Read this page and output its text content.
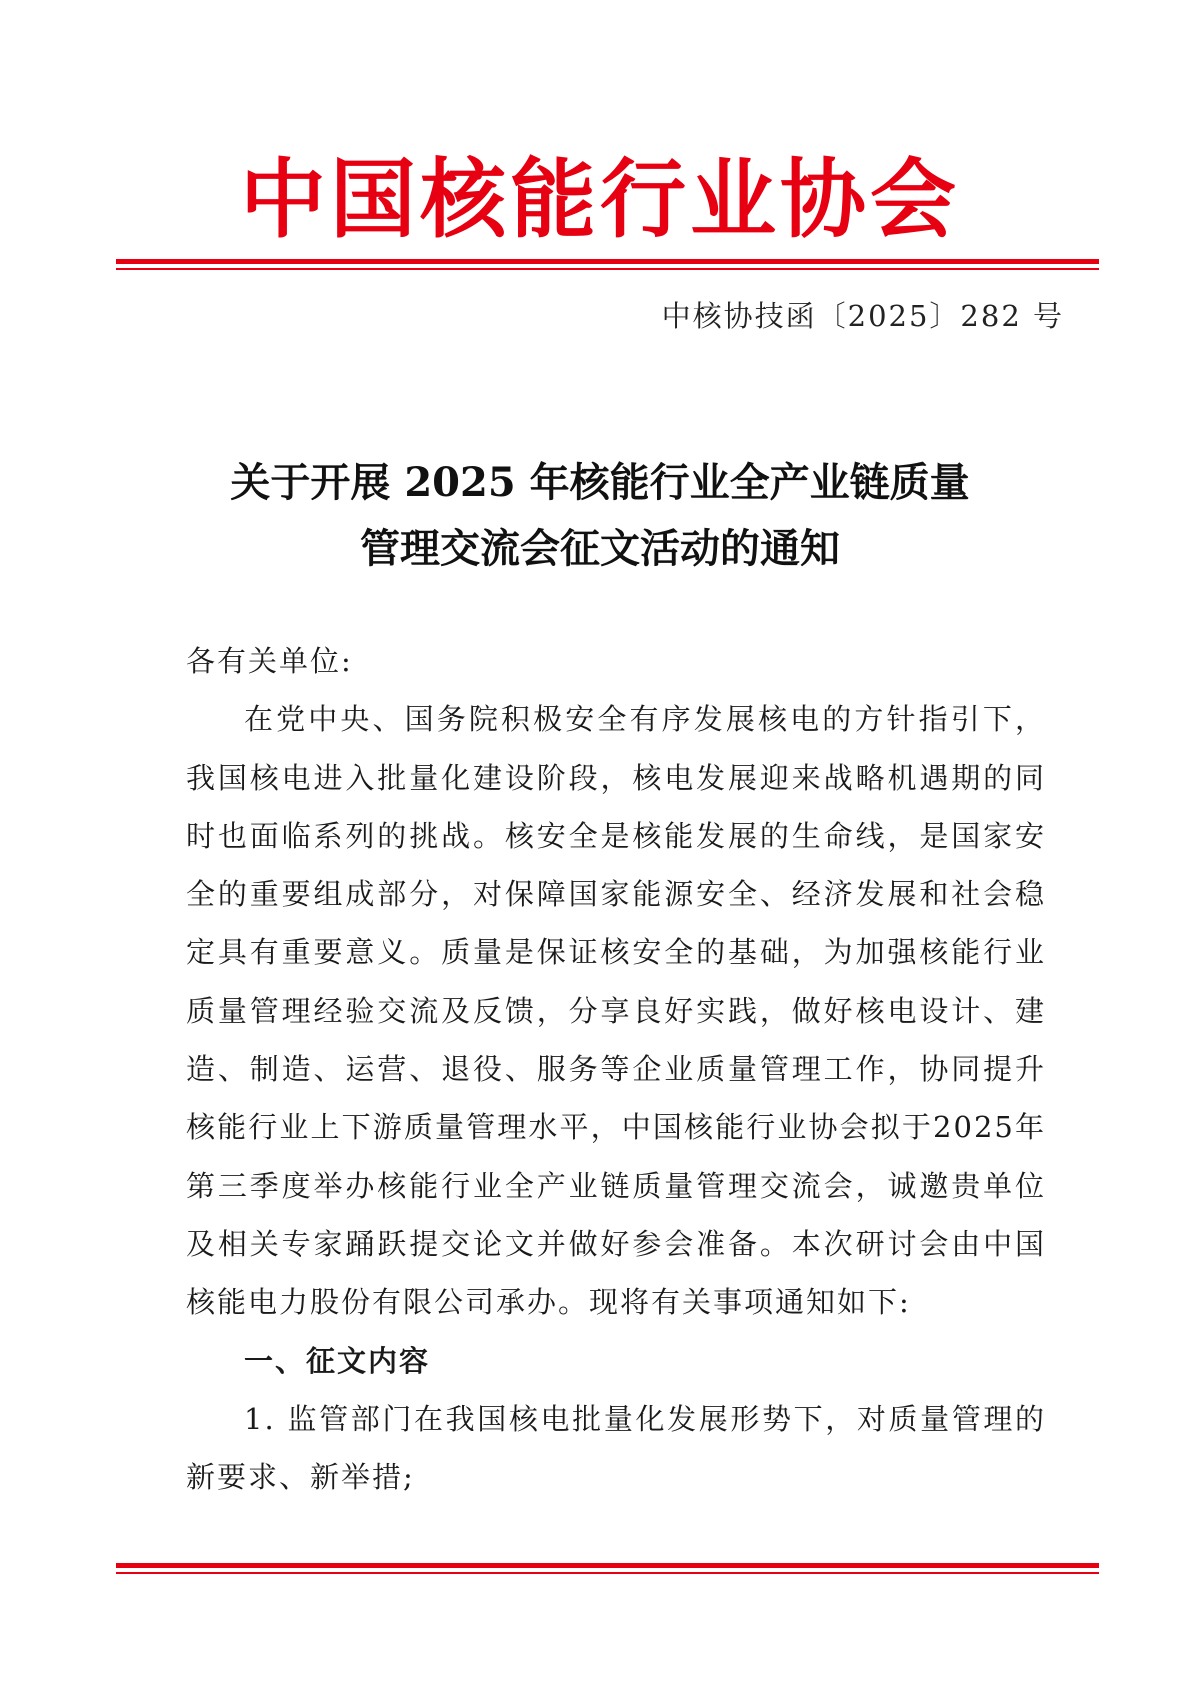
中国核能行业协会
中核协技函〔2025〕282 号
关于开展 2025 年核能行业全产业链质量
管理交流会征文活动的通知

各有关单位:

在党中央、国务院积极安全有序发展核电的方针指引下，我国核电进入批量化建设阶段，核电发展迎来战略机遇期的同时也面临系列的挑战。核安全是核能发展的生命线，是国家安全的重要组成部分，对保障国家能源安全、经济发展和社会稳定具有重要意义。质量是保证核安全的基础，为加强核能行业质量管理经验交流及反馈，分享良好实践，做好核电设计、建造、制造、运营、退役、服务等企业质量管理工作，协同提升核能行业上下游质量管理水平，中国核能行业协会拟于2025年第三季度举办核能行业全产业链质量管理交流会，诚邀贵单位及相关专家踊跃提交论文并做好参会准备。本次研讨会由中国核能电力股份有限公司承办。现将有关事项通知如下:

一、征文内容

1. 监管部门在我国核电批量化发展形势下，对质量管理的新要求、新举措;
